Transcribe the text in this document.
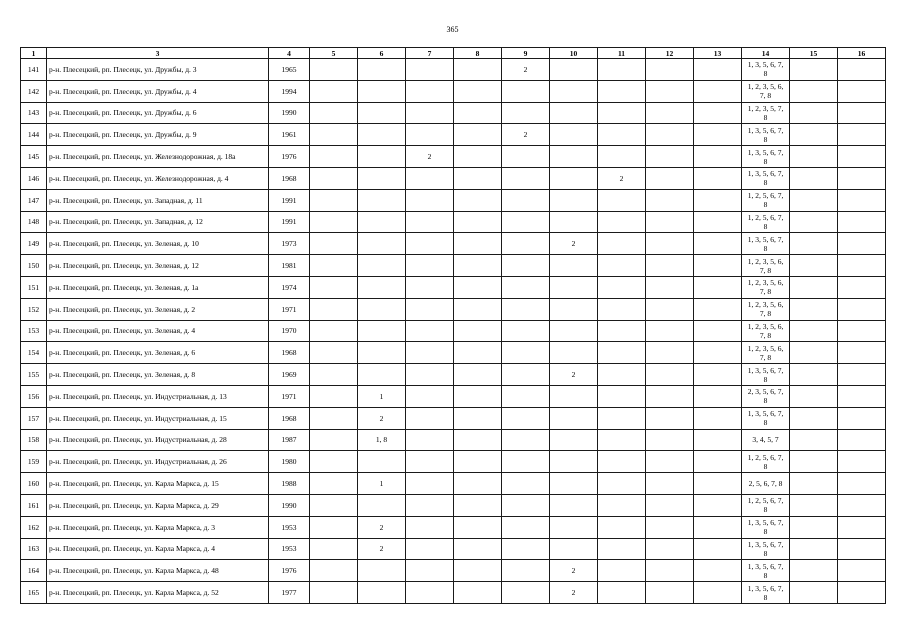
365
1	3	4	5	6	7	8	9	10	11	12	13	14	15	16
141	р-н. Плесецкий, рп. Плесецк, ул. Дружбы, д. 3	1965					2					1, 3, 5, 6, 7, 8		
142	р-н. Плесецкий, рп. Плесецк, ул. Дружбы, д. 4	1994										1, 2, 3, 5, 6, 7, 8		
143	р-н. Плесецкий, рп. Плесецк, ул. Дружбы, д. 6	1990										1, 2, 3, 5, 7, 8		
144	р-н. Плесецкий, рп. Плесецк, ул. Дружбы, д. 9	1961					2					1, 3, 5, 6, 7, 8		
145	р-н. Плесецкий, рп. Плесецк, ул. Железнодорожная, д. 18а	1976			2							1, 3, 5, 6, 7, 8		
146	р-н. Плесецкий, рп. Плесецк, ул. Железнодорожная, д. 4	1968							2			1, 3, 5, 6, 7, 8		
147	р-н. Плесецкий, рп. Плесецк, ул. Западная, д. 11	1991										1, 2, 5, 6, 7, 8		
148	р-н. Плесецкий, рп. Плесецк, ул. Западная, д. 12	1991										1, 2, 5, 6, 7, 8		
149	р-н. Плесецкий, рп. Плесецк, ул. Зеленая, д. 10	1973						2				1, 3, 5, 6, 7, 8		
150	р-н. Плесецкий, рп. Плесецк, ул. Зеленая, д. 12	1981										1, 2, 3, 5, 6, 7, 8		
151	р-н. Плесецкий, рп. Плесецк, ул. Зеленая, д. 1а	1974										1, 2, 3, 5, 6, 7, 8		
152	р-н. Плесецкий, рп. Плесецк, ул. Зеленая, д. 2	1971										1, 2, 3, 5, 6, 7, 8		
153	р-н. Плесецкий, рп. Плесецк, ул. Зеленая, д. 4	1970										1, 2, 3, 5, 6, 7, 8		
154	р-н. Плесецкий, рп. Плесецк, ул. Зеленая, д. 6	1968										1, 2, 3, 5, 6, 7, 8		
155	р-н. Плесецкий, рп. Плесецк, ул. Зеленая, д. 8	1969						2				1, 3, 5, 6, 7, 8		
156	р-н. Плесецкий, рп. Плесецк, ул. Индустриальная, д. 13	1971		1								2, 3, 5, 6, 7, 8		
157	р-н. Плесецкий, рп. Плесецк, ул. Индустриальная, д. 15	1968		2								1, 3, 5, 6, 7, 8		
158	р-н. Плесецкий, рп. Плесецк, ул. Индустриальная, д. 28	1987		1, 8								3, 4, 5, 7		
159	р-н. Плесецкий, рп. Плесецк, ул. Индустриальная, д. 26	1980										1, 2, 5, 6, 7, 8		
160	р-н. Плесецкий, рп. Плесецк, ул. Карла Маркса, д. 15	1988		1								2, 5, 6, 7, 8		
161	р-н. Плесецкий, рп. Плесецк, ул. Карла Маркса, д. 29	1990										1, 2, 5, 6, 7, 8		
162	р-н. Плесецкий, рп. Плесецк, ул. Карла Маркса, д. 3	1953		2								1, 3, 5, 6, 7, 8		
163	р-н. Плесецкий, рп. Плесецк, ул. Карла Маркса, д. 4	1953		2								1, 3, 5, 6, 7, 8		
164	р-н. Плесецкий, рп. Плесецк, ул. Карла Маркса, д. 48	1976						2				1, 3, 5, 6, 7, 8		
165	р-н. Плесецкий, рп. Плесецк, ул. Карла Маркса, д. 52	1977						2				1, 3, 5, 6, 7, 8		
